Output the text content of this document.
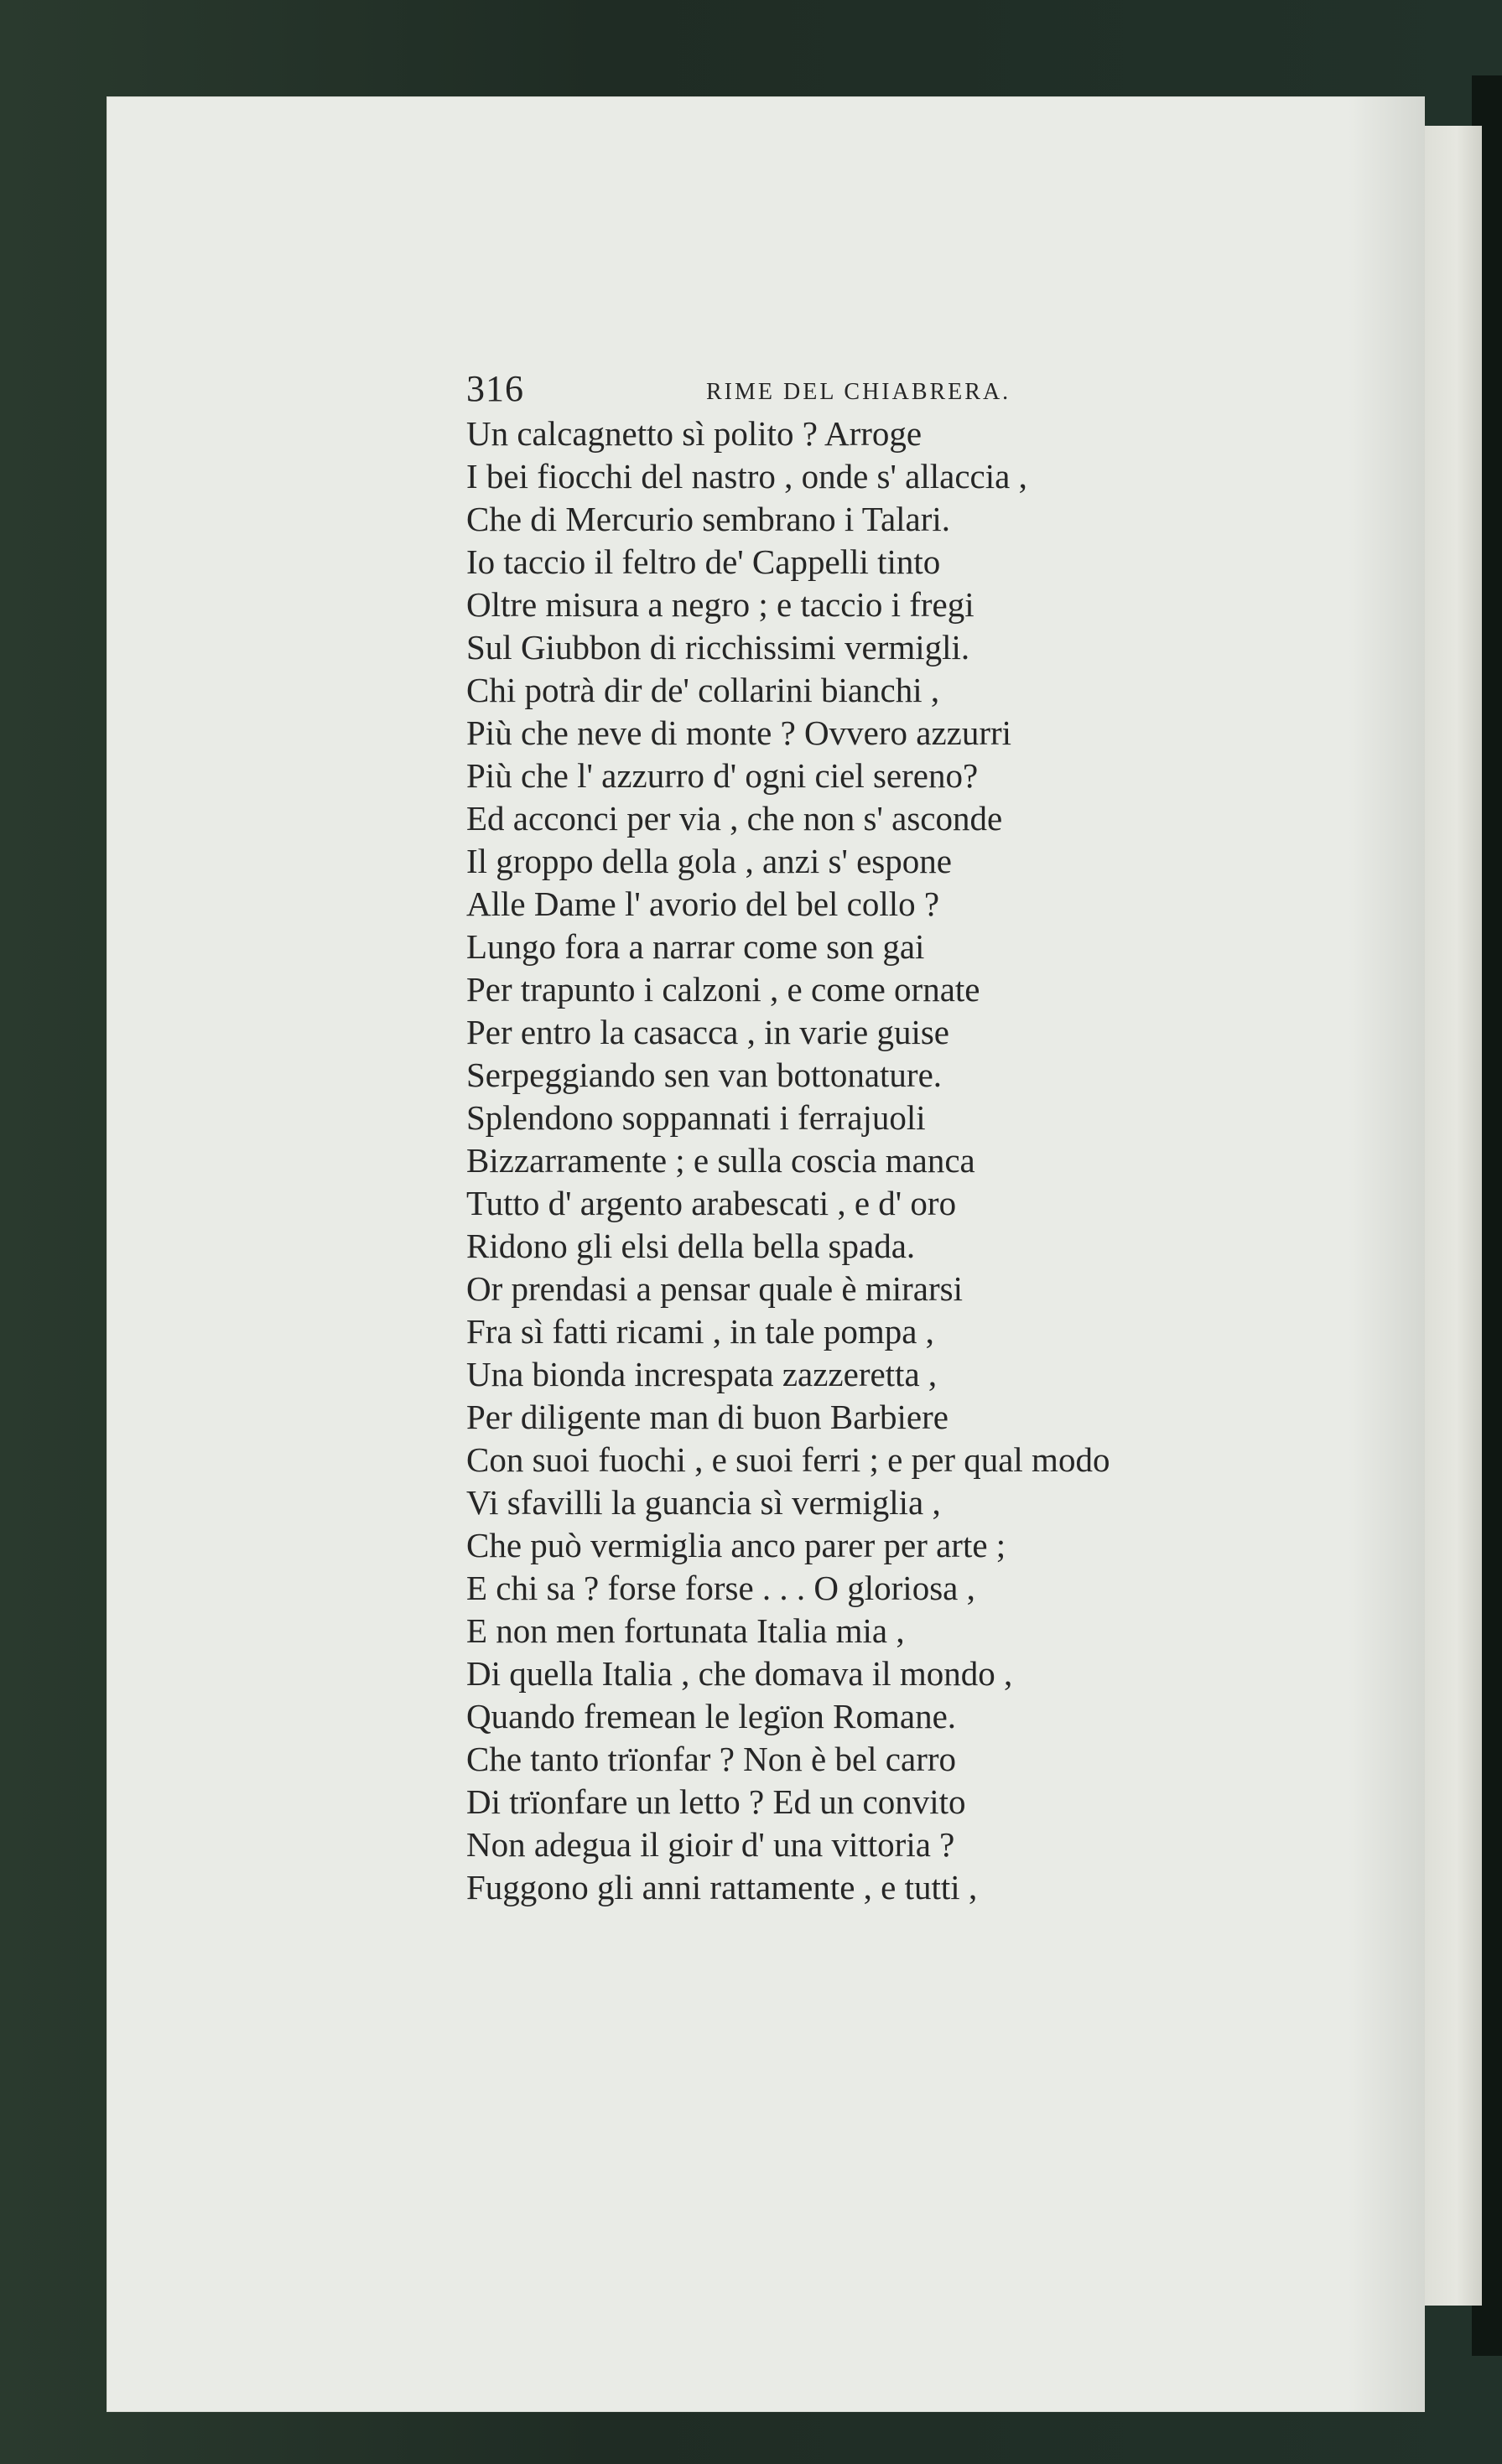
316	RIME DEL CHIABRERA.
Un calcagnetto sì polito ? Arroge
I bei fiocchi del nastro , onde s' allaccia ,
Che di Mercurio sembrano i Talari.
Io taccio il feltro de' Cappelli tinto
Oltre misura a negro ; e taccio i fregi
Sul Giubbon di ricchissimi vermigli.
Chi potrà dir de' collarini bianchi ,
Più che neve di monte ? Ovvero azzurri
Più che l' azzurro d' ogni ciel sereno?
Ed acconci per via , che non s' asconde
Il groppo della gola , anzi s' espone
Alle Dame l' avorio del bel collo ?
Lungo fora a narrar come son gai
Per trapunto i calzoni , e come ornate
Per entro la casacca , in varie guise
Serpeggiando sen van bottonature.
Splendono soppannati i ferrajuoli
Bizzarramente ; e sulla coscia manca
Tutto d' argento arabescati , e d' oro
Ridono gli elsi della bella spada.
Or prendasi a pensar quale è mirarsi
Fra sì fatti ricami , in tale pompa ,
Una bionda increspata zazzeretta ,
Per diligente man di buon Barbiere
Con suoi fuochi , e suoi ferri ; e per qual modo
Vi sfavilli la guancia sì vermiglia ,
Che può vermiglia anco parer per arte ;
E chi sa ? forse forse . . . O gloriosa ,
E non men fortunata Italia mia ,
Di quella Italia , che domava il mondo ,
Quando fremean le legïon Romane.
Che tanto trïonfar ? Non è bel carro
Di trïonfare un letto ? Ed un convito
Non adegua il gioir d' una vittoria ?
Fuggono gli anni rattamente , e tutti ,
